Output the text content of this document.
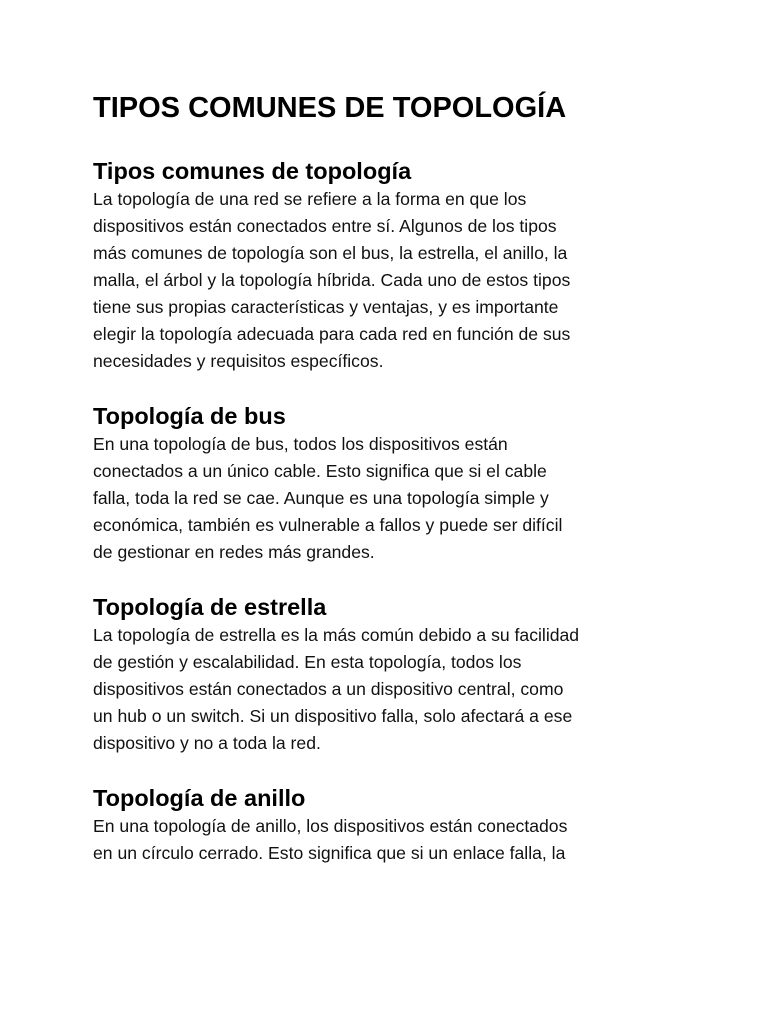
TIPOS COMUNES DE TOPOLOGÍA
Tipos comunes de topología
La topología de una red se refiere a la forma en que los
dispositivos están conectados entre sí. Algunos de los tipos
más comunes de topología son el bus, la estrella, el anillo, la
malla, el árbol y la topología híbrida. Cada uno de estos tipos
tiene sus propias características y ventajas, y es importante
elegir la topología adecuada para cada red en función de sus
necesidades y requisitos específicos.
Topología de bus
En una topología de bus, todos los dispositivos están
conectados a un único cable. Esto significa que si el cable
falla, toda la red se cae. Aunque es una topología simple y
económica, también es vulnerable a fallos y puede ser difícil
de gestionar en redes más grandes.
Topología de estrella
La topología de estrella es la más común debido a su facilidad
de gestión y escalabilidad. En esta topología, todos los
dispositivos están conectados a un dispositivo central, como
un hub o un switch. Si un dispositivo falla, solo afectará a ese
dispositivo y no a toda la red.
Topología de anillo
En una topología de anillo, los dispositivos están conectados
en un círculo cerrado. Esto significa que si un enlace falla, la
